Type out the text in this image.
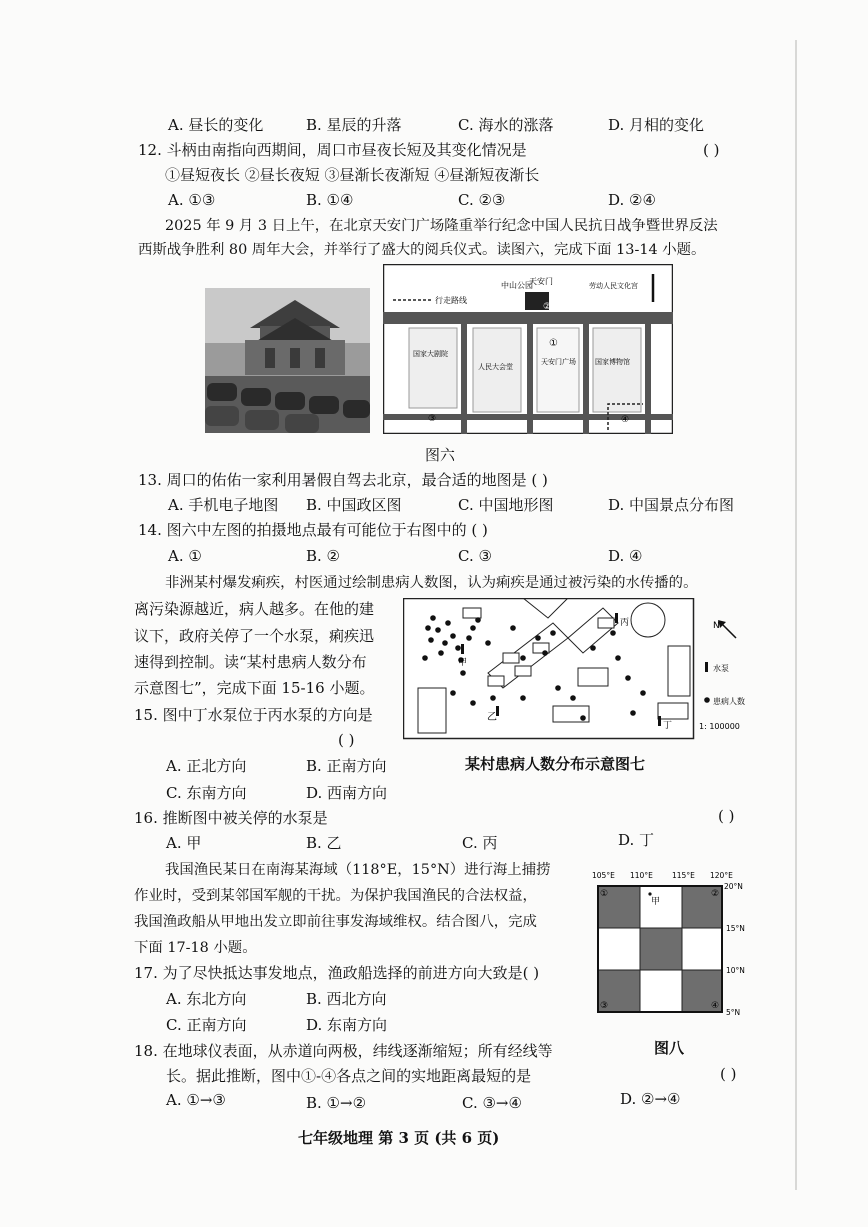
A. 昼长的变化	B. 星辰的升落	C. 海水的涨落	D. 月相的变化
12. 斗柄由南指向西期间，周口市昼夜长短及其变化情况是	( )
①昼短夜长 ②昼长夜短 ③昼渐长夜渐短 ④昼渐短夜渐长
A. ①③	B. ①④	C. ②③	D. ②④
2025 年 9 月 3 日上午，在北京天安门广场隆重举行纪念中国人民抗日战争暨世界反法
西斯战争胜利 80 周年大会，并举行了盛大的阅兵仪式。读图六，完成下面 13-14 小题。
行走路线
中山公园
天安门	劳动人民文化宫
国家大剧院
人民大会堂
天安门广场	国家博物馆
①
②
③	④
图六
13. 周口的佑佑一家利用暑假自驾去北京，最合适的地图是 ( )
A. 手机电子地图 B. 中国政区图	C. 中国地形图	D. 中国景点分布图
14. 图六中左图的拍摄地点最有可能位于右图中的 ( )
A. ①	B. ②	C. ③	D. ④
非洲某村爆发痢疾，村医通过绘制患病人数图，认为痢疾是通过被污染的水传播的。
离污染源越近，病人越多。在他的建
议下，政府关停了一个水泵，痢疾迅
速得到控制。读“某村患病人数分布
示意图七”，完成下面 15-16 小题。
甲
乙
丙
丁
水泵
患病人数
1: 100000
N
15. 图中丁水泵位于丙水泵的方向是
( )
A. 正北方向	B. 正南方向
C. 东南方向	D. 西南方向
某村患病人数分布示意图七
16. 推断图中被关停的水泵是	( )
A. 甲	B. 乙	C. 丙	D. 丁
我国渔民某日在南海某海域（118°E，15°N）进行海上捕捞
作业时，受到某邻国军舰的干扰。为保护我国渔民的合法权益，
我国渔政船从甲地出发立即前往事发海域维权。结合图八，完成
下面 17-18 小题。
105°E 110°E	115°E 120°E
20°N
15°N
10°N
5°N
甲
①	②
③	④
图八
17. 为了尽快抵达事发地点，渔政船选择的前进方向大致是( )
A. 东北方向	B. 西北方向
C. 正南方向	D. 东南方向
18. 在地球仪表面，从赤道向两极，纬线逐渐缩短；所有经线等
长。据此推断，图中①-④各点之间的实地距离最短的是	( )
A. ①→③	B. ①→②	C. ③→④	D. ②→④
七年级地理 第 3 页 (共 6 页)
